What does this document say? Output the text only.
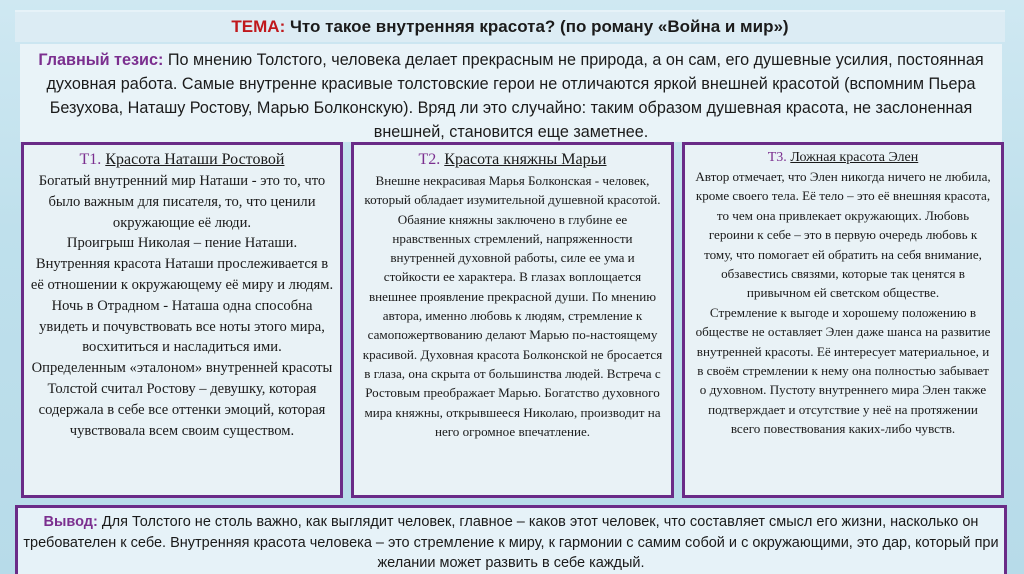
ТЕМА: Что такое внутренняя красота? (по роману «Война и мир»)
Главный тезис: По мнению Толстого, человека делает прекрасным не природа, а он сам, его душевные усилия, постоянная духовная работа. Самые внутренне красивые толстовские герои не отличаются яркой внешней красотой (вспомним Пьера Безухова, Наташу Ростову, Марью Болконскую). Вряд ли это случайно: таким образом душевная красота, не заслоненная внешней, становится еще заметнее.
Т1. Красота Наташи Ростовой

Богатый внутренний мир Наташи - это то, что было важным для писателя, то, что ценили окружающие её люди.

Проигрыш Николая – пение Наташи.

Внутренняя красота Наташи прослеживается в её отношении к окружающему её миру и людям.

Ночь в Отрадном - Наташа одна способна увидеть и почувствовать все ноты этого мира, восхититься и насладиться ими.

Определенным «эталоном» внутренней красоты Толстой считал Ростову – девушку, которая содержала в себе все оттенки эмоций, которая чувствовала всем своим существом.

Т2. Красота княжны Марьи

Внешне некрасивая Марья Болконская - человек, который обладает изумительной душевной красотой.

Обаяние княжны заключено в глубине ее нравственных стремлений, напряженности внутренней духовной работы, силе ее ума и стойкости ее характера. В глазах воплощается внешнее проявление прекрасной души. По мнению автора, именно любовь к людям, стремление к самопожертвованию делают Марью по-настоящему красивой. Духовная красота Болконской не бросается в глаза, она скрыта от большинства людей. Встреча с Ростовым преображает Марью. Богатство духовного мира княжны, открывшееся Николаю, производит на него огромное впечатление.

Т3. Ложная красота Элен

Автор отмечает, что Элен никогда ничего не любила, кроме своего тела. Её тело – это её внешняя красота, то чем она привлекает окружающих. Любовь героини к себе – это в первую очередь любовь к тому, что помогает ей обратить на себя внимание, обзавестись связями, которые так ценятся в привычном ей светском обществе.

Стремление к выгоде и хорошему положению в обществе не оставляет Элен даже шанса на развитие внутренней красоты. Её интересует материальное, и в своём стремлении к нему она полностью забывает о духовном. Пустоту внутреннего мира Элен также подтверждает и отсутствие у неё на протяжении всего повествования каких-либо чувств.

Вывод: Для Толстого не столь важно, как выглядит человек, главное – каков этот человек, что составляет смысл его жизни, насколько он требователен к себе. Внутренняя красота человека – это стремление к миру, к гармонии с самим собой и с окружающими, это дар, который при желании может развить в себе каждый.
